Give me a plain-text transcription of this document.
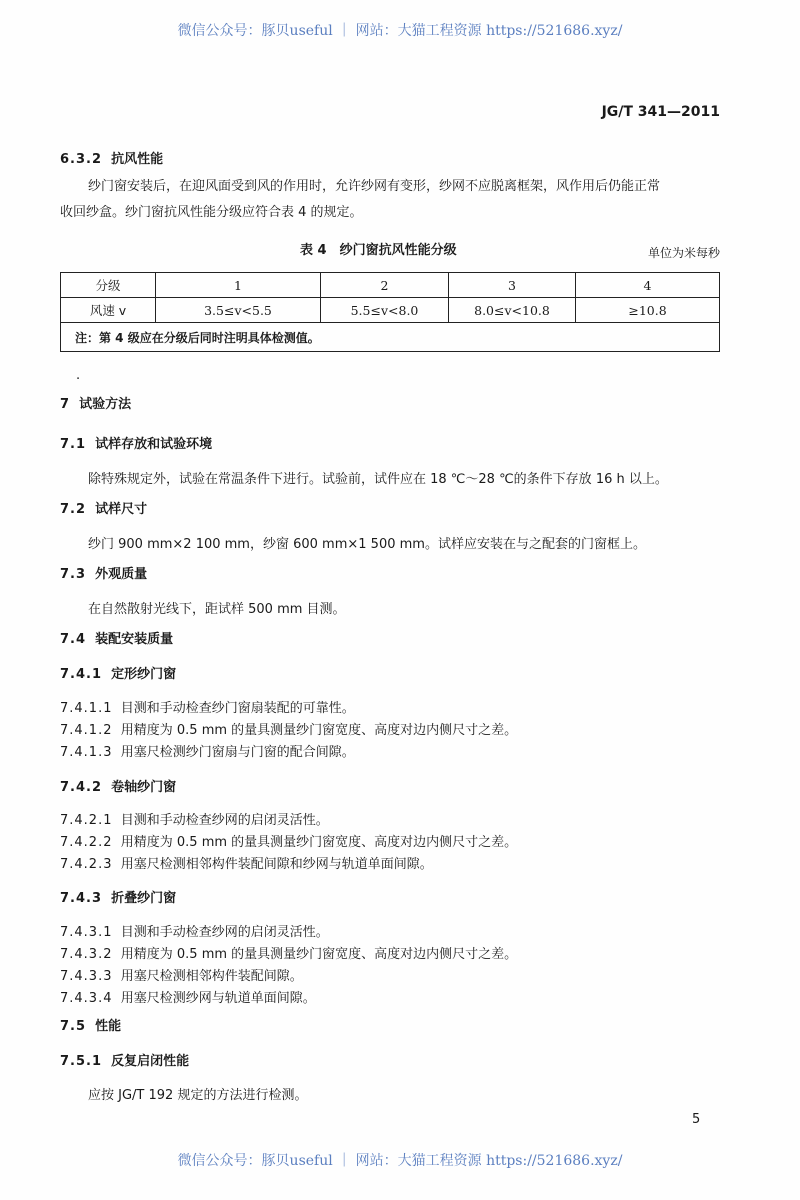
微信公众号：豚贝useful ｜ 网站：大猫工程资源 https://521686.xyz/
JG/T 341—2011
6.3.2 抗风性能
纱门窗安装后，在迎风面受到风的作用时，允许纱网有变形，纱网不应脱离框架，风作用后仍能正常
收回纱盒。纱门窗抗风性能分级应符合表 4 的规定。
表 4　纱门窗抗风性能分级	单位为米每秒
分级	1	2	3	4
风速 v	3.5≤v<5.5	5.5≤v<8.0	8.0≤v<10.8	≥10.8
注：第 4 级应在分级后同时注明具体检测值。				
·
7 试验方法
7.1 试样存放和试验环境
除特殊规定外，试验在常温条件下进行。试验前，试件应在 18 ℃～28 ℃的条件下存放 16 h 以上。
7.2 试样尺寸
纱门 900 mm×2 100 mm，纱窗 600 mm×1 500 mm。试样应安装在与之配套的门窗框上。
7.3 外观质量
在自然散射光线下，距试样 500 mm 目测。
7.4 装配安装质量
7.4.1 定形纱门窗
7.4.1.1 目测和手动检查纱门窗扇装配的可靠性。
7.4.1.2 用精度为 0.5 mm 的量具测量纱门窗宽度、高度对边内侧尺寸之差。
7.4.1.3 用塞尺检测纱门窗扇与门窗的配合间隙。
7.4.2 卷轴纱门窗
7.4.2.1 目测和手动检查纱网的启闭灵活性。
7.4.2.2 用精度为 0.5 mm 的量具测量纱门窗宽度、高度对边内侧尺寸之差。
7.4.2.3 用塞尺检测相邻构件装配间隙和纱网与轨道单面间隙。
7.4.3 折叠纱门窗
7.4.3.1 目测和手动检查纱网的启闭灵活性。
7.4.3.2 用精度为 0.5 mm 的量具测量纱门窗宽度、高度对边内侧尺寸之差。
7.4.3.3 用塞尺检测相邻构件装配间隙。
7.4.3.4 用塞尺检测纱网与轨道单面间隙。
7.5 性能
7.5.1 反复启闭性能
应按 JG/T 192 规定的方法进行检测。
5
微信公众号：豚贝useful ｜ 网站：大猫工程资源 https://521686.xyz/
